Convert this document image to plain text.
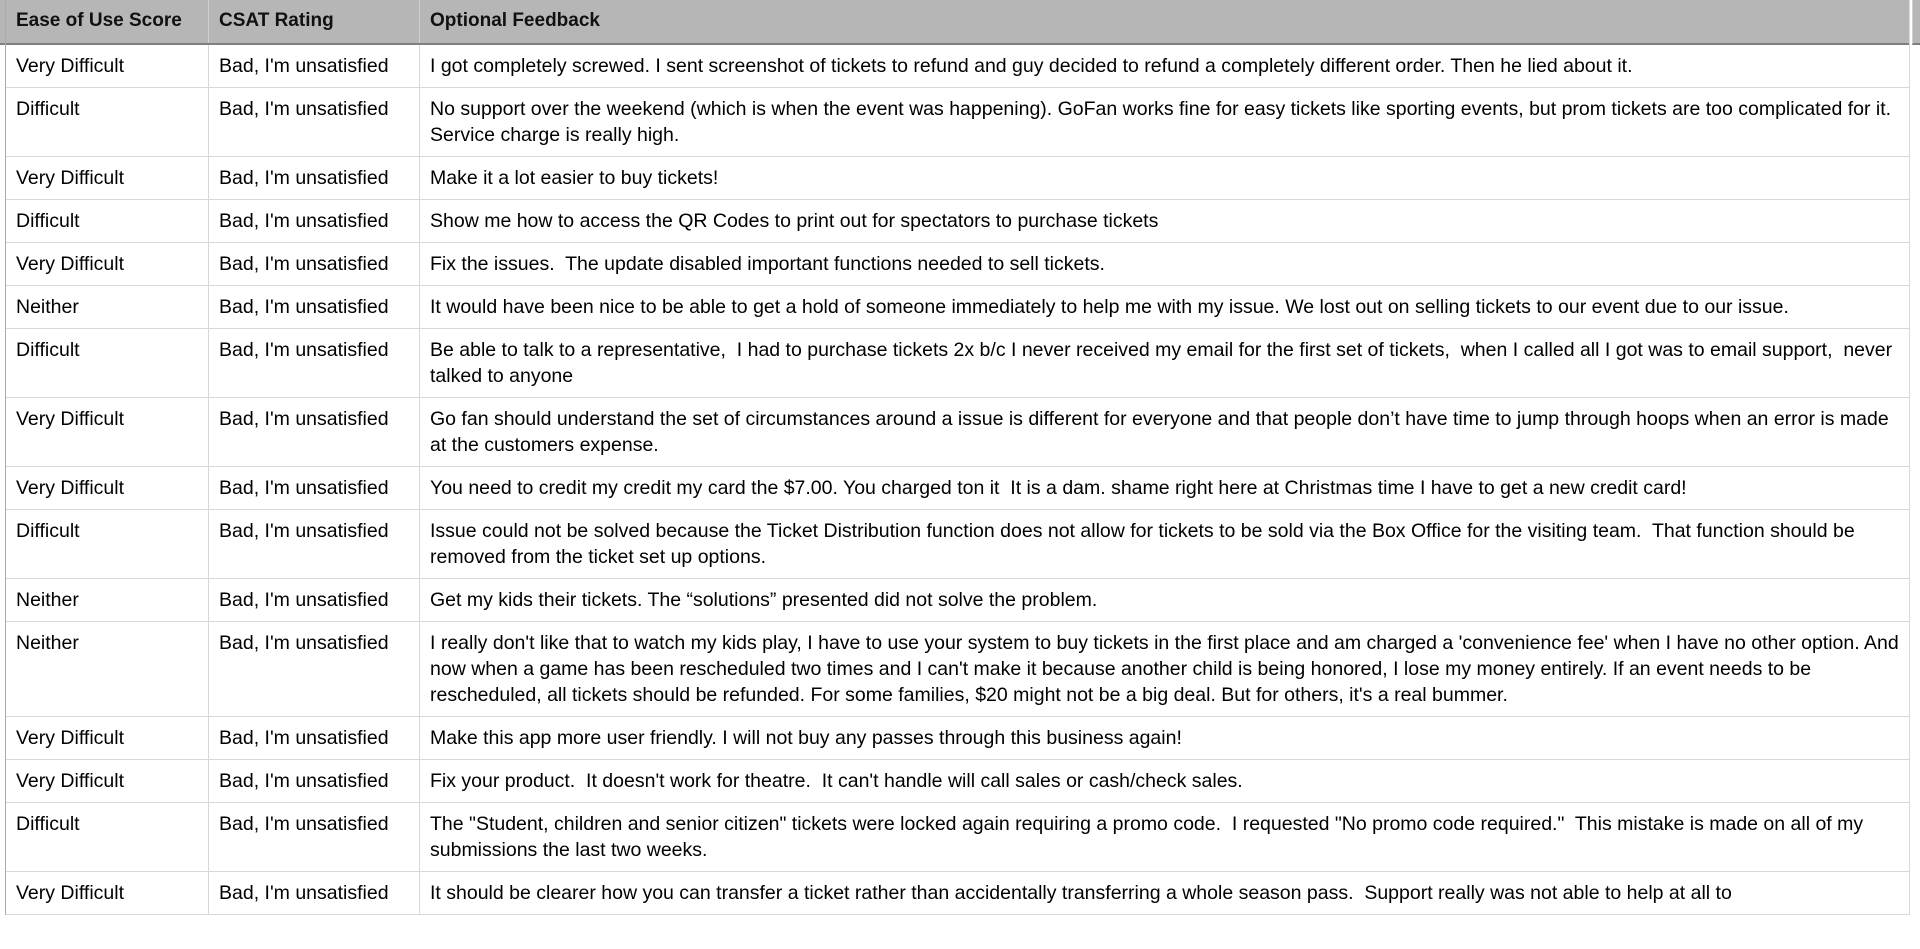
Ease of Use Score	CSAT Rating	Optional Feedback
Very Difficult	Bad, I'm unsatisfied	I got completely screwed. I sent screenshot of tickets to refund and guy decided to refund a completely different order. Then he lied about it.
Difficult	Bad, I'm unsatisfied	No support over the weekend (which is when the event was happening). GoFan works fine for easy tickets like sporting events, but prom tickets are too complicated for it. Service charge is really high.
Very Difficult	Bad, I'm unsatisfied	Make it a lot easier to buy tickets!
Difficult	Bad, I'm unsatisfied	Show me how to access the QR Codes to print out for spectators to purchase tickets
Very Difficult	Bad, I'm unsatisfied	Fix the issues.  The update disabled important functions needed to sell tickets.
Neither	Bad, I'm unsatisfied	It would have been nice to be able to get a hold of someone immediately to help me with my issue. We lost out on selling tickets to our event due to our issue.
Difficult	Bad, I'm unsatisfied	Be able to talk to a representative,  I had to purchase tickets 2x b/c I never received my email for the first set of tickets,  when I called all I got was to email support,  never talked to anyone
Very Difficult	Bad, I'm unsatisfied	Go fan should understand the set of circumstances around a issue is different for everyone and that people don’t have time to jump through hoops when an error is made at the customers expense.
Very Difficult	Bad, I'm unsatisfied	You need to credit my credit my card the $7.00. You charged ton it  It is a dam. shame right here at Christmas time I have to get a new credit card!
Difficult	Bad, I'm unsatisfied	Issue could not be solved because the Ticket Distribution function does not allow for tickets to be sold via the Box Office for the visiting team.  That function should be removed from the ticket set up options.
Neither	Bad, I'm unsatisfied	Get my kids their tickets. The “solutions” presented did not solve the problem.
Neither	Bad, I'm unsatisfied	I really don't like that to watch my kids play, I have to use your system to buy tickets in the first place and am charged a 'convenience fee' when I have no other option. And now when a game has been rescheduled two times and I can't make it because another child is being honored, I lose my money entirely. If an event needs to be rescheduled, all tickets should be refunded. For some families, $20 might not be a big deal. But for others, it's a real bummer.
Very Difficult	Bad, I'm unsatisfied	Make this app more user friendly. I will not buy any passes through this business again!
Very Difficult	Bad, I'm unsatisfied	Fix your product.  It doesn't work for theatre.  It can't handle will call sales or cash/check sales.
Difficult	Bad, I'm unsatisfied	The "Student, children and senior citizen" tickets were locked again requiring a promo code.  I requested "No promo code required."  This mistake is made on all of my submissions the last two weeks.
Very Difficult	Bad, I'm unsatisfied	It should be clearer how you can transfer a ticket rather than accidentally transferring a whole season pass.  Support really was not able to help at all to
